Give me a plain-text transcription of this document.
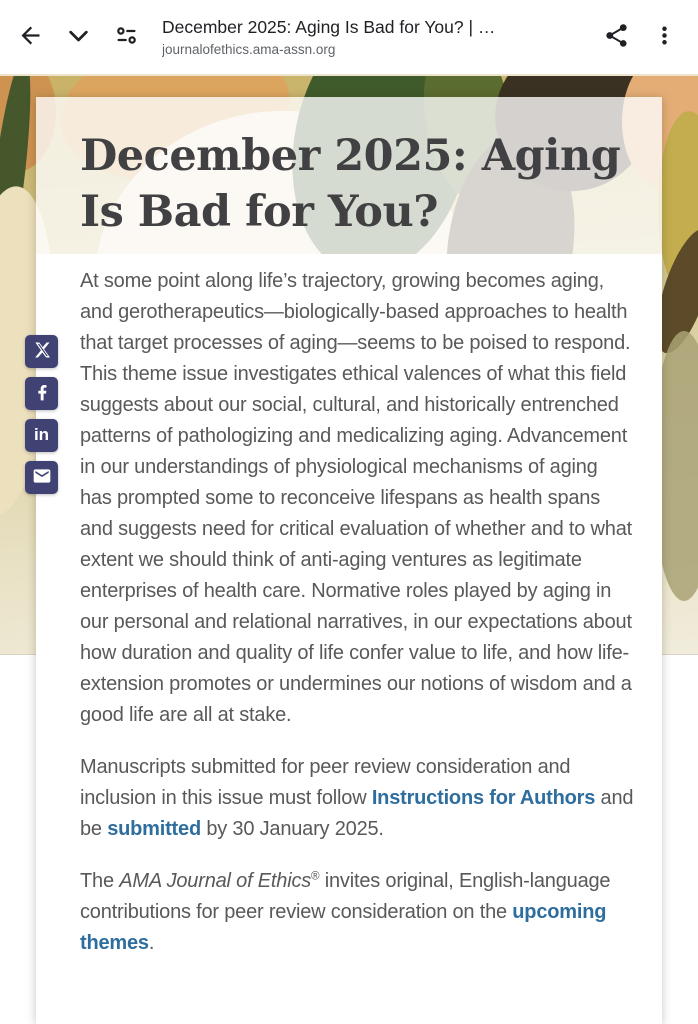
December 2025: Aging Is Bad for You? | …
journalofethics.ama-assn.org
December 2025: Aging
Is Bad for You?

At some point along life’s trajectory, growing becomes aging, and gerotherapeutics—biologically-based approaches to health that target processes of aging—seems to be poised to respond. This theme issue investigates ethical valences of what this field suggests about our social, cultural, and historically entrenched patterns of pathologizing and medicalizing aging. Advancement in our understandings of physiological mechanisms of aging has prompted some to reconceive lifespans as health spans and suggests need for critical evaluation of whether and to what extent we should think of anti-aging ventures as legitimate enterprises of health care. Normative roles played by aging in our personal and relational narratives, in our expectations about how duration and quality of life confer value to life, and how life-extension promotes or undermines our notions of wisdom and a good life are all at stake.

Manuscripts submitted for peer review consideration and inclusion in this issue must follow Instructions for Authors and be submitted by 30 January 2025.

The AMA Journal of Ethics® invites original, English-language contributions for peer review consideration on the upcoming themes.

in
